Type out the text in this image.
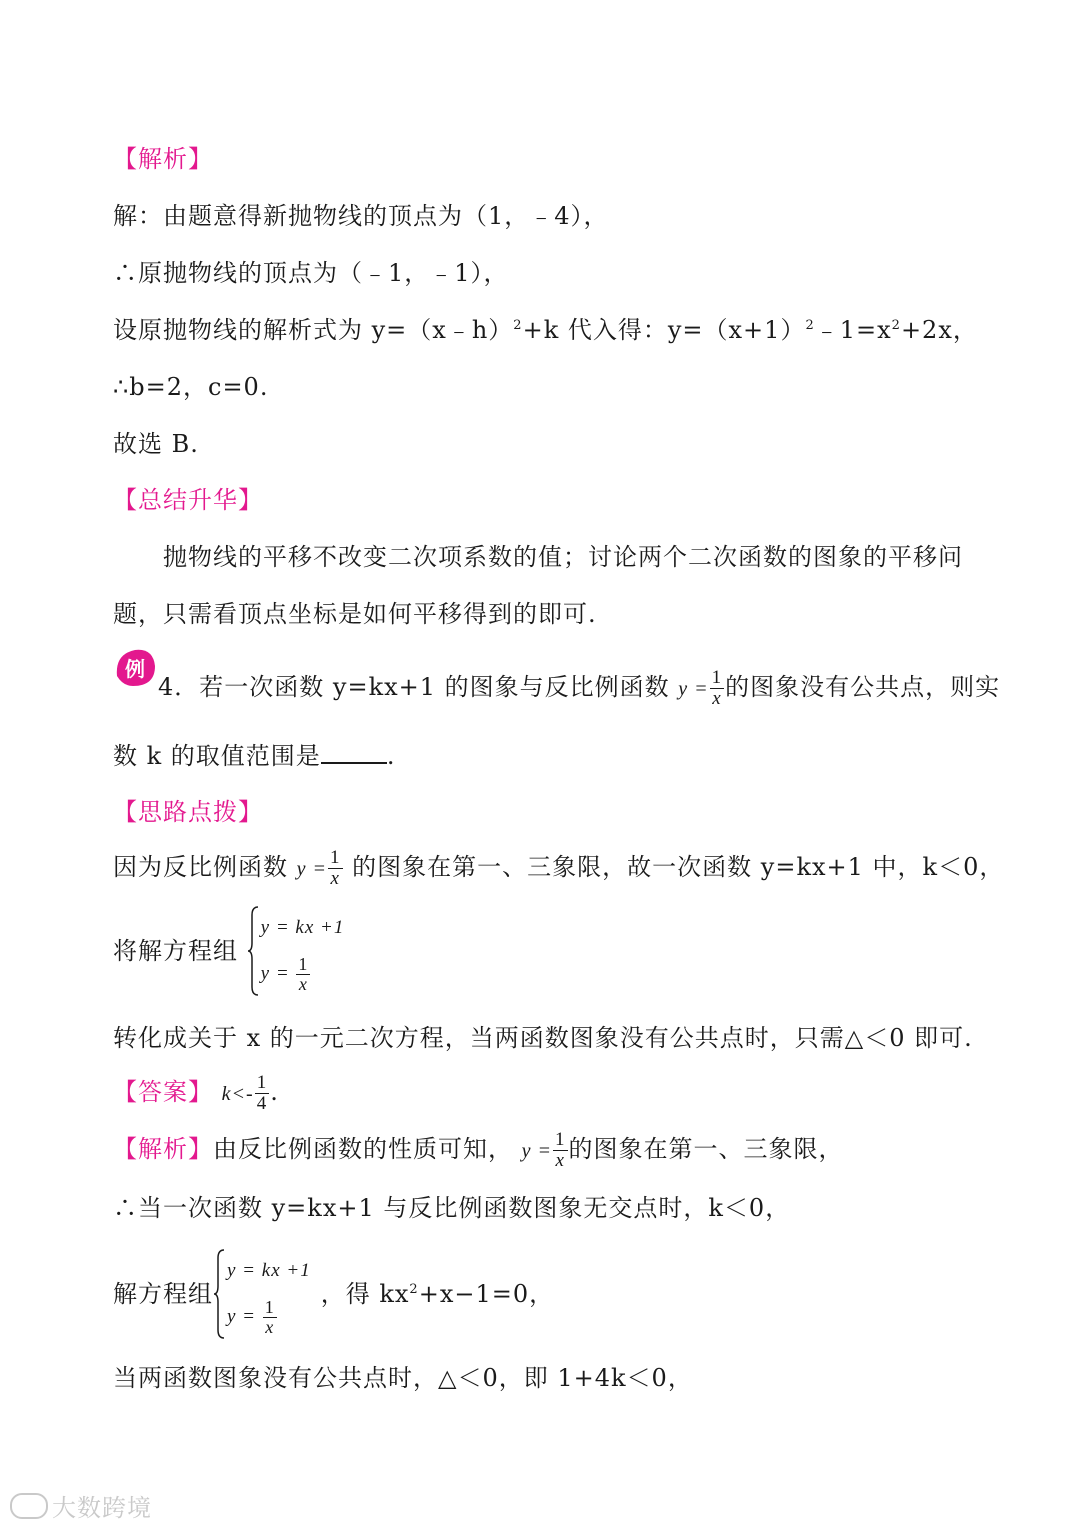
【解析】
解：由题意得新抛物线的顶点为（1，﹣4），
∴原抛物线的顶点为（﹣1，﹣1），
设原抛物线的解析式为 y=（x﹣h）$^2$+k 代入得：$y=(x+1)^2﹣1=x^2+2x$，
∴b=2，c=0.
故选 B.
【总结升华】
抛物线的平移不改变二次项系数的值；讨论两个二次函数的图象的平移问
题，只需看顶点坐标是如何平移得到的即可.
例
4．若一次函数 y=kx+1 的图象与反比例函数 $y = \frac{1}{x}$ 的图象没有公共点，则实
数 k 的取值范围是	.
【思路点拨】
因为反比例函数 $y = \frac{1}{x}$ 的图象在第一、三象限，故一次函数 y=kx+1 中，k＜0，
将解方程组
y = kx +1
$y = \frac{1}{x}$
转化成关于 x 的一元二次方程，当两函数图象没有公共点时，只需△＜0 即可.
【答案】 $k<- \frac{1}{4}$ .
【解析】由反比例函数的性质可知， $y = \frac{1}{x}$ 的图象在第一、三象限，
∴当一次函数 y=kx+1 与反比例函数图象无交点时，k＜0，
解方程组
y = kx +1
$y = \frac{1}{x}$
，得 $kx^2+x-1=0$，
当两函数图象没有公共点时，△＜0，即 1+4k＜0，
大数跨境
